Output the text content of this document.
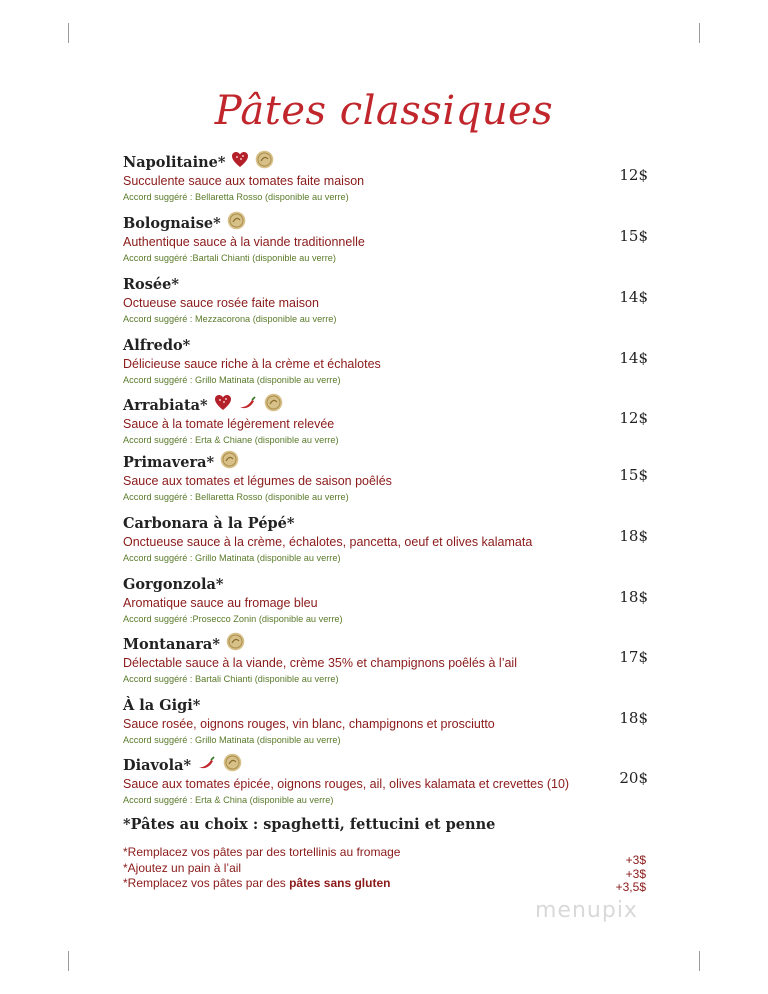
Pâtes classiques
Napolitaine*
Succulente sauce aux tomates faite maison
Accord suggéré : Bellaretta Rosso (disponible au verre)
12$
Bolognaise*
Authentique sauce à la viande traditionnelle
Accord suggéré :Bartali Chianti (disponible au verre)
15$
Rosée*
Octueuse sauce rosée faite maison
Accord suggéré : Mezzacorona (disponible au verre)
14$
Alfredo*
Délicieuse sauce riche à la crème et échalotes
Accord suggéré : Grillo Matinata (disponible au verre)
14$
Arrabiata*
Sauce à la tomate légèrement relevée
Accord suggéré : Erta & Chiane (disponible au verre)
12$
Primavera*
Sauce aux tomates et légumes de saison poêlés
Accord suggéré : Bellaretta Rosso (disponible au verre)
15$
Carbonara à la Pépé*
Onctueuse sauce à la crème, échalotes, pancetta, oeuf et olives kalamata
Accord suggéré : Grillo Matinata (disponible au verre)
18$
Gorgonzola*
Aromatique sauce au fromage bleu
Accord suggéré :Prosecco Zonin (disponible au verre)
18$
Montanara*
Délectable sauce à la viande, crème 35% et champignons poêlés à l’ail
Accord suggéré : Bartali Chianti (disponible au verre)
17$
À la Gigi*
Sauce rosée, oignons rouges, vin blanc, champignons et prosciutto
Accord suggéré : Grillo Matinata (disponible au verre)
18$
Diavola*
Sauce aux tomates épicée, oignons rouges, ail, olives kalamata et crevettes (10)
Accord suggéré : Erta & China (disponible au verre)
20$
*Pâtes au choix : spaghetti, fettucini et penne
*Remplacez vos pâtes par des tortellinis au fromage
*Ajoutez un pain à l’ail
*Remplacez vos pâtes par des pâtes sans gluten
+3$
+3$
+3,5$
menupix
